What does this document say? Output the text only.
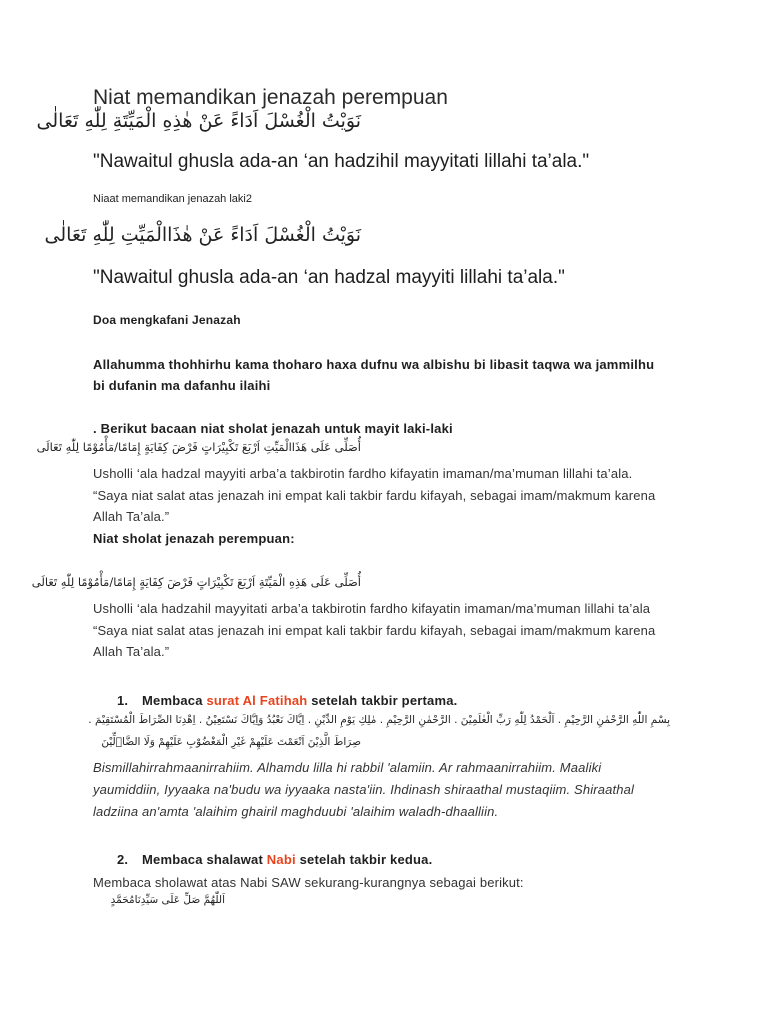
Niat memandikan jenazah perempuan
نَوَيْتُ الْغُسْلَ اَدَاءً عَنْ هٰذِهِ الْمَيِّتَةِ لِلّٰهِ تَعَالٰى
"Nawaitul ghusla ada-an ‘an hadzihil mayyitati lillahi ta’ala."
Niaat memandikan jenazah laki2
نَوَيْتُ الْغُسْلَ اَدَاءً عَنْ هٰذَاالْمَيِّتِ لِلّٰهِ تَعَالٰى
"Nawaitul ghusla ada-an ‘an hadzal mayyiti lillahi ta’ala."
Doa mengkafani Jenazah
Allahumma thohhirhu kama thoharo haxa dufnu wa albishu bi libasit taqwa wa jammilhu
bi dufanin ma dafanhu ilaihi
. Berikut bacaan niat sholat jenazah untuk mayit laki-laki
أُصَلِّى عَلَى هَذَاالْمَيِّتِ اَرْبَعَ تَكْبِيْرَاتٍ فَرْضَ كِفَايَةٍ إِمَامًا/مَأْمُوْمًا لِلّٰهِ تَعَالَى
Usholli ‘ala hadzal mayyiti arba’a takbirotin fardho kifayatin imaman/ma’muman lillahi ta’ala.
“Saya niat salat atas jenazah ini empat kali takbir fardu kifayah, sebagai imam/makmum karena
Allah Ta’ala.”
Niat sholat jenazah perempuan:
أُصَلِّى عَلَى هَذِهِ الْمَيِّتَةِ اَرْبَعَ تَكْبِيْرَاتٍ فَرْضَ كِفَايَةٍ إِمَامًا/مَأْمُوْمًا لِلّٰهِ تَعَالَى
Usholli ‘ala hadzahil mayyitati arba’a takbirotin fardho kifayatin imaman/ma’muman lillahi ta’ala
“Saya niat salat atas jenazah ini empat kali takbir fardu kifayah, sebagai imam/makmum karena
Allah Ta’ala.”
1. Membaca surat Al Fatihah setelah takbir pertama.
بِسْمِ اللّٰهِ الرَّحْمٰنِ الرَّحِيْمِ . اَلْحَمْدُ لِلّٰهِ رَبِّ الْعٰلَمِيْنَ . الرَّحْمٰنِ الرَّحِيْمِ . مٰلِكِ يَوْمِ الدِّيْنِ . اِيَّاكَ نَعْبُدُ وَاِيَّاكَ نَسْتَعِيْنُ . اِهْدِنَا الصِّرَاطَ الْمُسْتَقِيْمَ .
صِرَاطَ الَّذِيْنَ اَنْعَمْتَ عَلَيْهِمْ غَيْرِ الْمَغْضُوْبِ عَلَيْهِمْ وَلَا الضَّاۤلِّيْنَ
Bismillahirrahmaanirrahiim. Alhamdu lilla hi rabbil 'alamiin. Ar rahmaanirrahiim. Maaliki
yaumiddiin, Iyyaaka na'budu wa iyyaaka nasta'iin. Ihdinash shiraathal mustaqiim. Shiraathal
ladziina an'amta 'alaihim ghairil maghduubi 'alaihim waladh-dhaalliin.
2. Membaca shalawat Nabi setelah takbir kedua.
Membaca sholawat atas Nabi SAW sekurang-kurangnya sebagai berikut:
اَللّٰهُمَّ صَلِّ عَلَى سَيِّدِنَامُحَمَّدٍ
